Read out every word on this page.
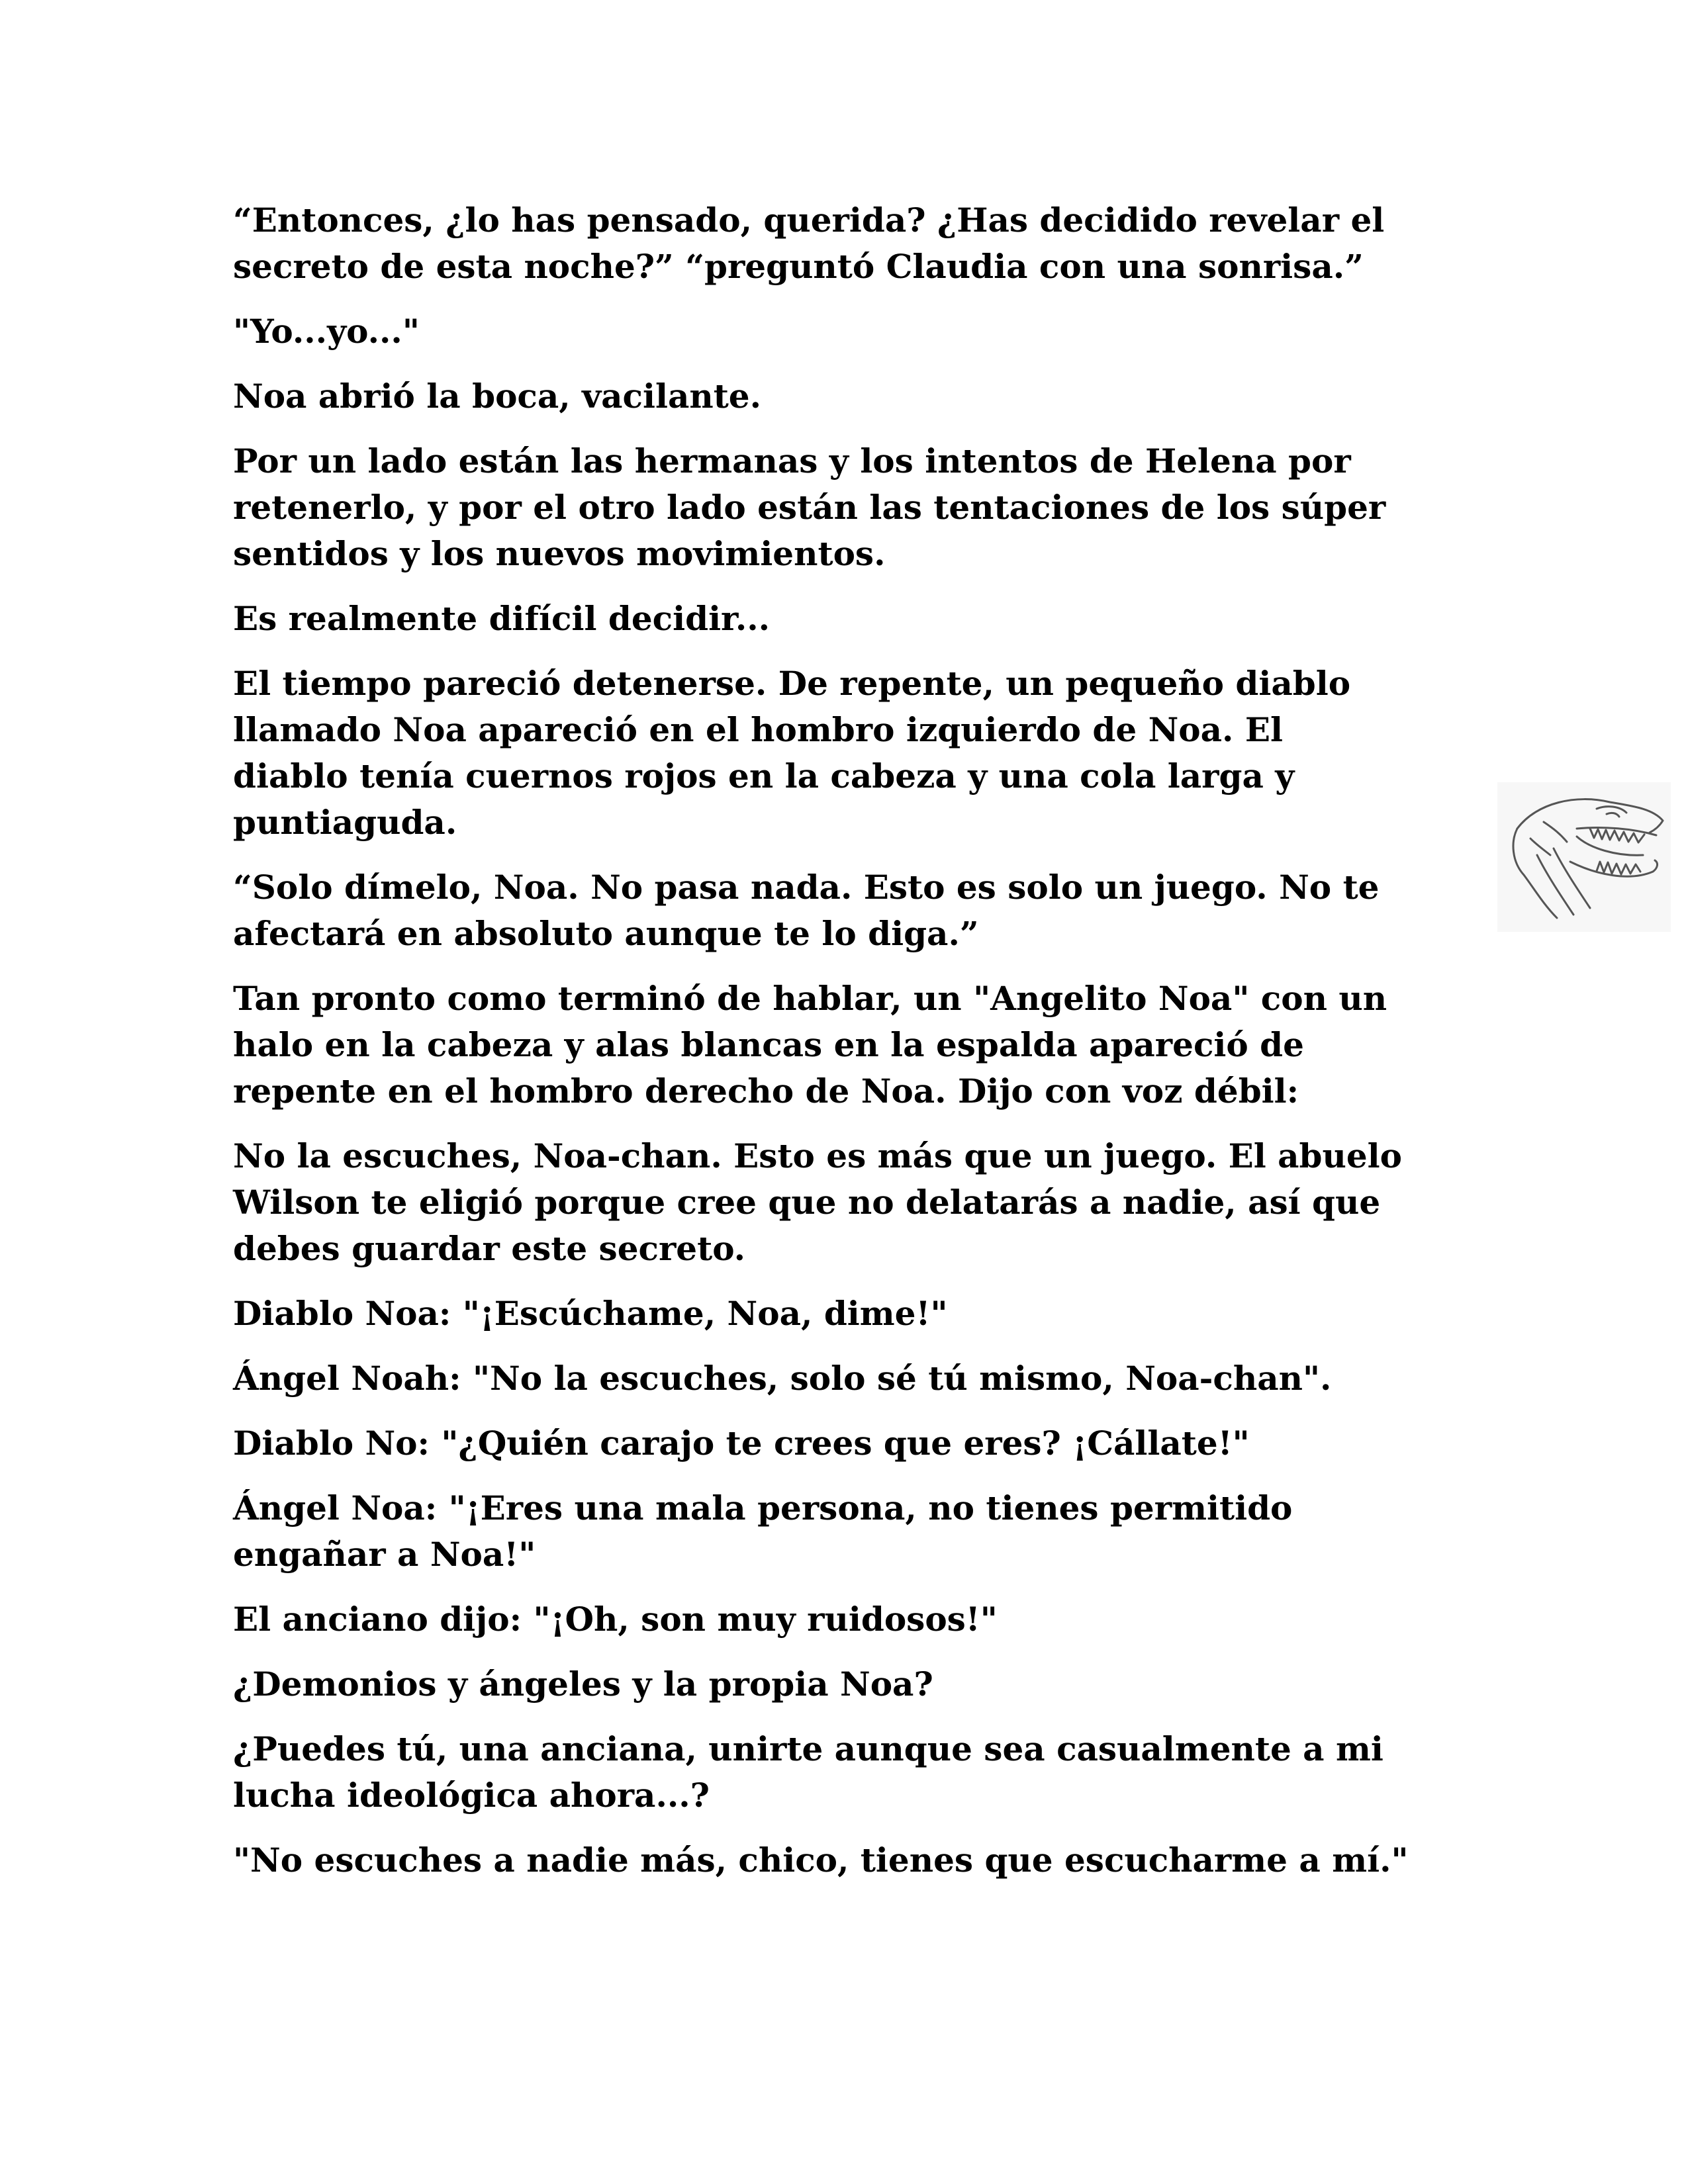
“Entonces, ¿lo has pensado, querida? ¿Has decidido revelar el
secreto de esta noche?” “preguntó Claudia con una sonrisa.”

"Yo...yo..."

Noa abrió la boca, vacilante.

Por un lado están las hermanas y los intentos de Helena por
retenerlo, y por el otro lado están las tentaciones de los súper
sentidos y los nuevos movimientos.

Es realmente difícil decidir...

El tiempo pareció detenerse. De repente, un pequeño diablo
llamado Noa apareció en el hombro izquierdo de Noa. El
diablo tenía cuernos rojos en la cabeza y una cola larga y
puntiaguda.

“Solo dímelo, Noa. No pasa nada. Esto es solo un juego. No te
afectará en absoluto aunque te lo diga.”

Tan pronto como terminó de hablar, un "Angelito Noa" con un
halo en la cabeza y alas blancas en la espalda apareció de
repente en el hombro derecho de Noa. Dijo con voz débil:

No la escuches, Noa-chan. Esto es más que un juego. El abuelo
Wilson te eligió porque cree que no delatarás a nadie, así que
debes guardar este secreto.

Diablo Noa: "¡Escúchame, Noa, dime!"

Ángel Noah: "No la escuches, solo sé tú mismo, Noa-chan".

Diablo No: "¿Quién carajo te crees que eres? ¡Cállate!"

Ángel Noa: "¡Eres una mala persona, no tienes permitido
engañar a Noa!"

El anciano dijo: "¡Oh, son muy ruidosos!"

¿Demonios y ángeles y la propia Noa?

¿Puedes tú, una anciana, unirte aunque sea casualmente a mi
lucha ideológica ahora...?

"No escuches a nadie más, chico, tienes que escucharme a mí."
